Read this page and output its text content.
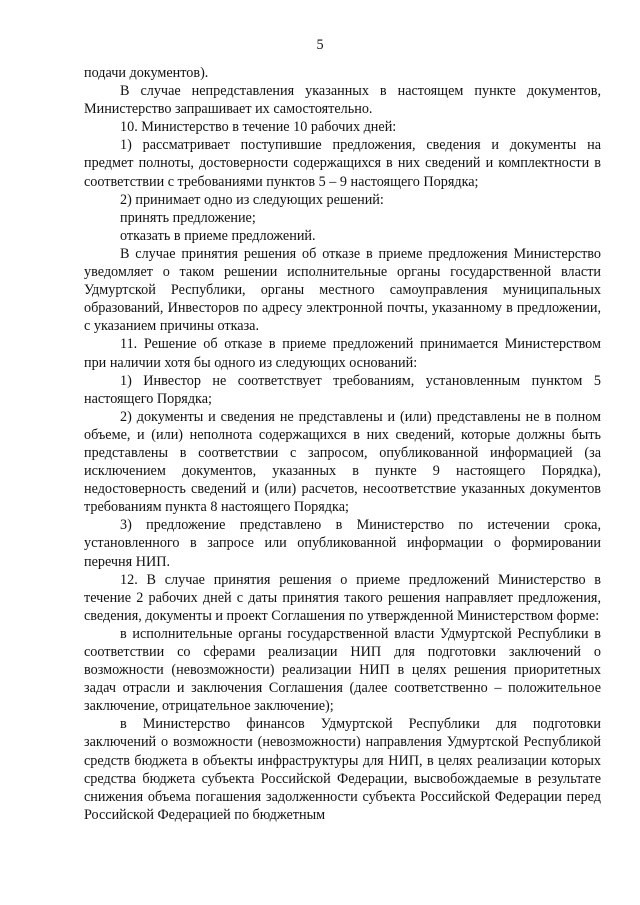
5

подачи документов).

В случае непредставления указанных в настоящем пункте документов, Министерство запрашивает их самостоятельно.

10. Министерство в течение 10 рабочих дней:

1) рассматривает поступившие предложения, сведения и документы на предмет полноты, достоверности содержащихся в них сведений и комплектности в соответствии с требованиями пунктов 5 – 9 настоящего Порядка;

2) принимает одно из следующих решений:

принять предложение;

отказать в приеме предложений.

В случае принятия решения об отказе в приеме предложения Министерство уведомляет о таком решении исполнительные органы государственной власти Удмуртской Республики, органы местного самоуправления муниципальных образований, Инвесторов по адресу электронной почты, указанному в предложении, с указанием причины отказа.

11. Решение об отказе в приеме предложений принимается Министерством при наличии хотя бы одного из следующих оснований:

1) Инвестор не соответствует требованиям, установленным пунктом 5 настоящего Порядка;

2) документы и сведения не представлены и (или) представлены не в полном объеме, и (или) неполнота содержащихся в них сведений, которые должны быть представлены в соответствии с запросом, опубликованной информацией (за исключением документов, указанных в пункте 9 настоящего Порядка), недостоверность сведений и (или) расчетов, несоответствие указанных документов требованиям пункта 8 настоящего Порядка;

3) предложение представлено в Министерство по истечении срока, установленного в запросе или опубликованной информации о формировании перечня НИП.

12. В случае принятия решения о приеме предложений Министерство в течение 2 рабочих дней с даты принятия такого решения направляет предложения, сведения, документы и проект Соглашения по утвержденной Министерством форме:

в исполнительные органы государственной власти Удмуртской Республики в соответствии со сферами реализации НИП для подготовки заключений о возможности (невозможности) реализации НИП в целях решения приоритетных задач отрасли и заключения Соглашения (далее соответственно – положительное заключение, отрицательное заключение);

в Министерство финансов Удмуртской Республики для подготовки заключений о возможности (невозможности) направления Удмуртской Республикой средств бюджета в объекты инфраструктуры для НИП, в целях реализации которых средства бюджета субъекта Российской Федерации, высвобождаемые в результате снижения объема погашения задолженности субъекта Российской Федерации перед Российской Федерацией по бюджетным
